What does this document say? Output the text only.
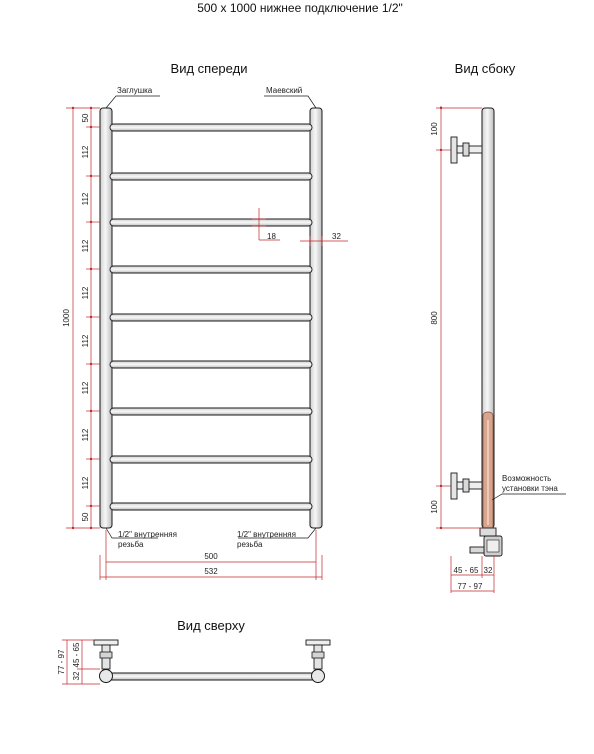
500 х 1000 нижнее подключение 1/2"
Вид спереди
Заглушка	Маевский
1/2" внутренняя
резьба
1/2" внутренняя
резьба
50
112
112
112
112
112
112
112
112
50
1000
18	32
500
532
Вид сбоку
Возможность
установки тэна
100
800
100
45 - 65 32
77 - 97
Вид сверху
77 - 97
32
45 - 65
